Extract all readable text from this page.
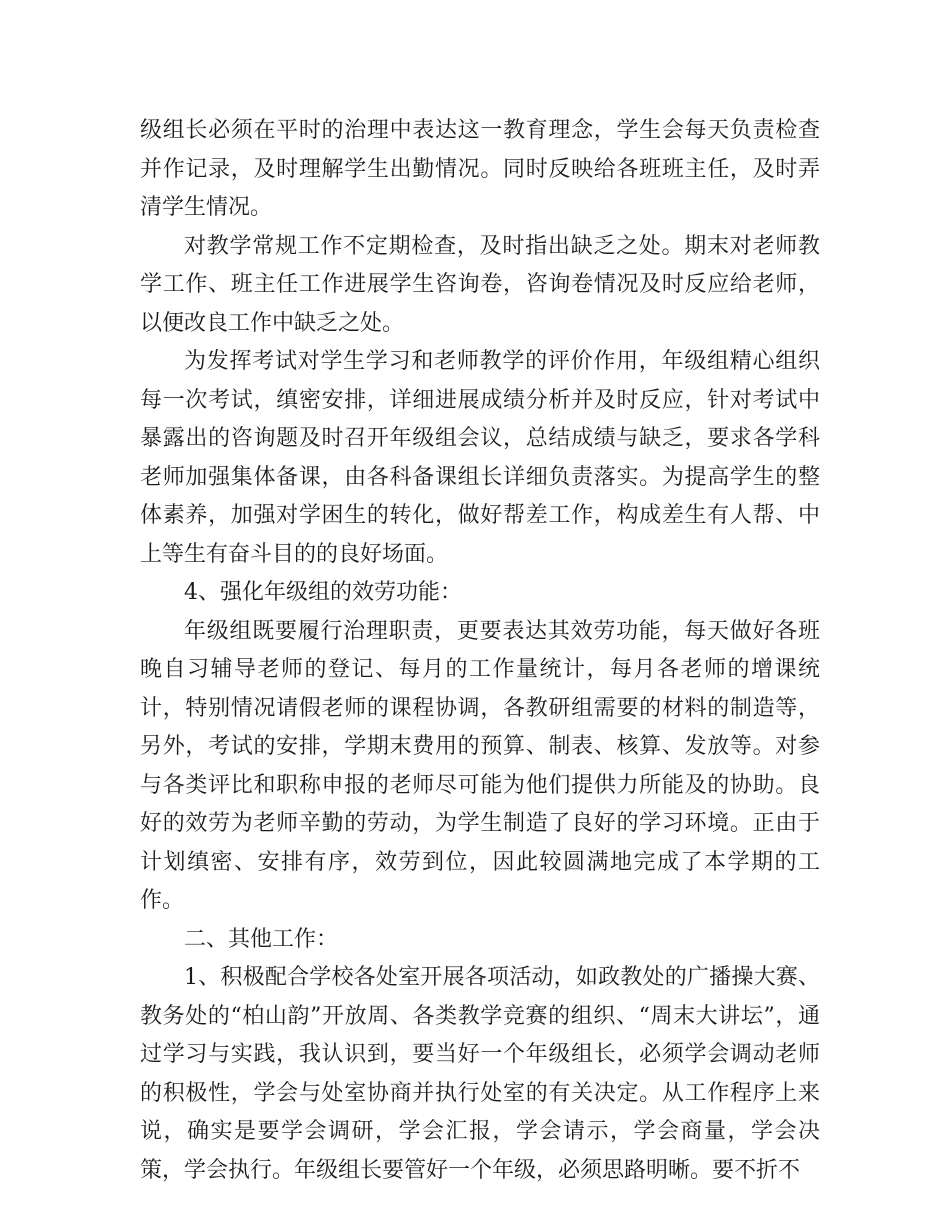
级组长必须在平时的治理中表达这一教育理念，学生会每天负责检查并作记录，及时理解学生出勤情况。同时反映给各班班主任，及时弄清学生情况。

对教学常规工作不定期检查，及时指出缺乏之处。期末对老师教学工作、班主任工作进展学生咨询卷，咨询卷情况及时反应给老师，以便改良工作中缺乏之处。

为发挥考试对学生学习和老师教学的评价作用，年级组精心组织每一次考试，缜密安排，详细进展成绩分析并及时反应，针对考试中暴露出的咨询题及时召开年级组会议，总结成绩与缺乏，要求各学科老师加强集体备课，由各科备课组长详细负责落实。为提高学生的整体素养，加强对学困生的转化，做好帮差工作，构成差生有人帮、中上等生有奋斗目的的良好场面。

4、强化年级组的效劳功能：

年级组既要履行治理职责，更要表达其效劳功能，每天做好各班晚自习辅导老师的登记、每月的工作量统计，每月各老师的增课统计，特别情况请假老师的课程协调，各教研组需要的材料的制造等，另外，考试的安排，学期末费用的预算、制表、核算、发放等。对参与各类评比和职称申报的老师尽可能为他们提供力所能及的协助。良好的效劳为老师辛勤的劳动，为学生制造了良好的学习环境。正由于计划缜密、安排有序，效劳到位，因此较圆满地完成了本学期的工作。

二、其他工作：

1、积极配合学校各处室开展各项活动，如政教处的广播操大赛、教务处的“柏山韵”开放周、各类教学竞赛的组织、“周末大讲坛”，通过学习与实践，我认识到，要当好一个年级组长，必须学会调动老师的积极性，学会与处室协商并执行处室的有关决定。从工作程序上来说，确实是要学会调研，学会汇报，学会请示，学会商量，学会决策，学会执行。年级组长要管好一个年级，必须思路明晰。要不折不
